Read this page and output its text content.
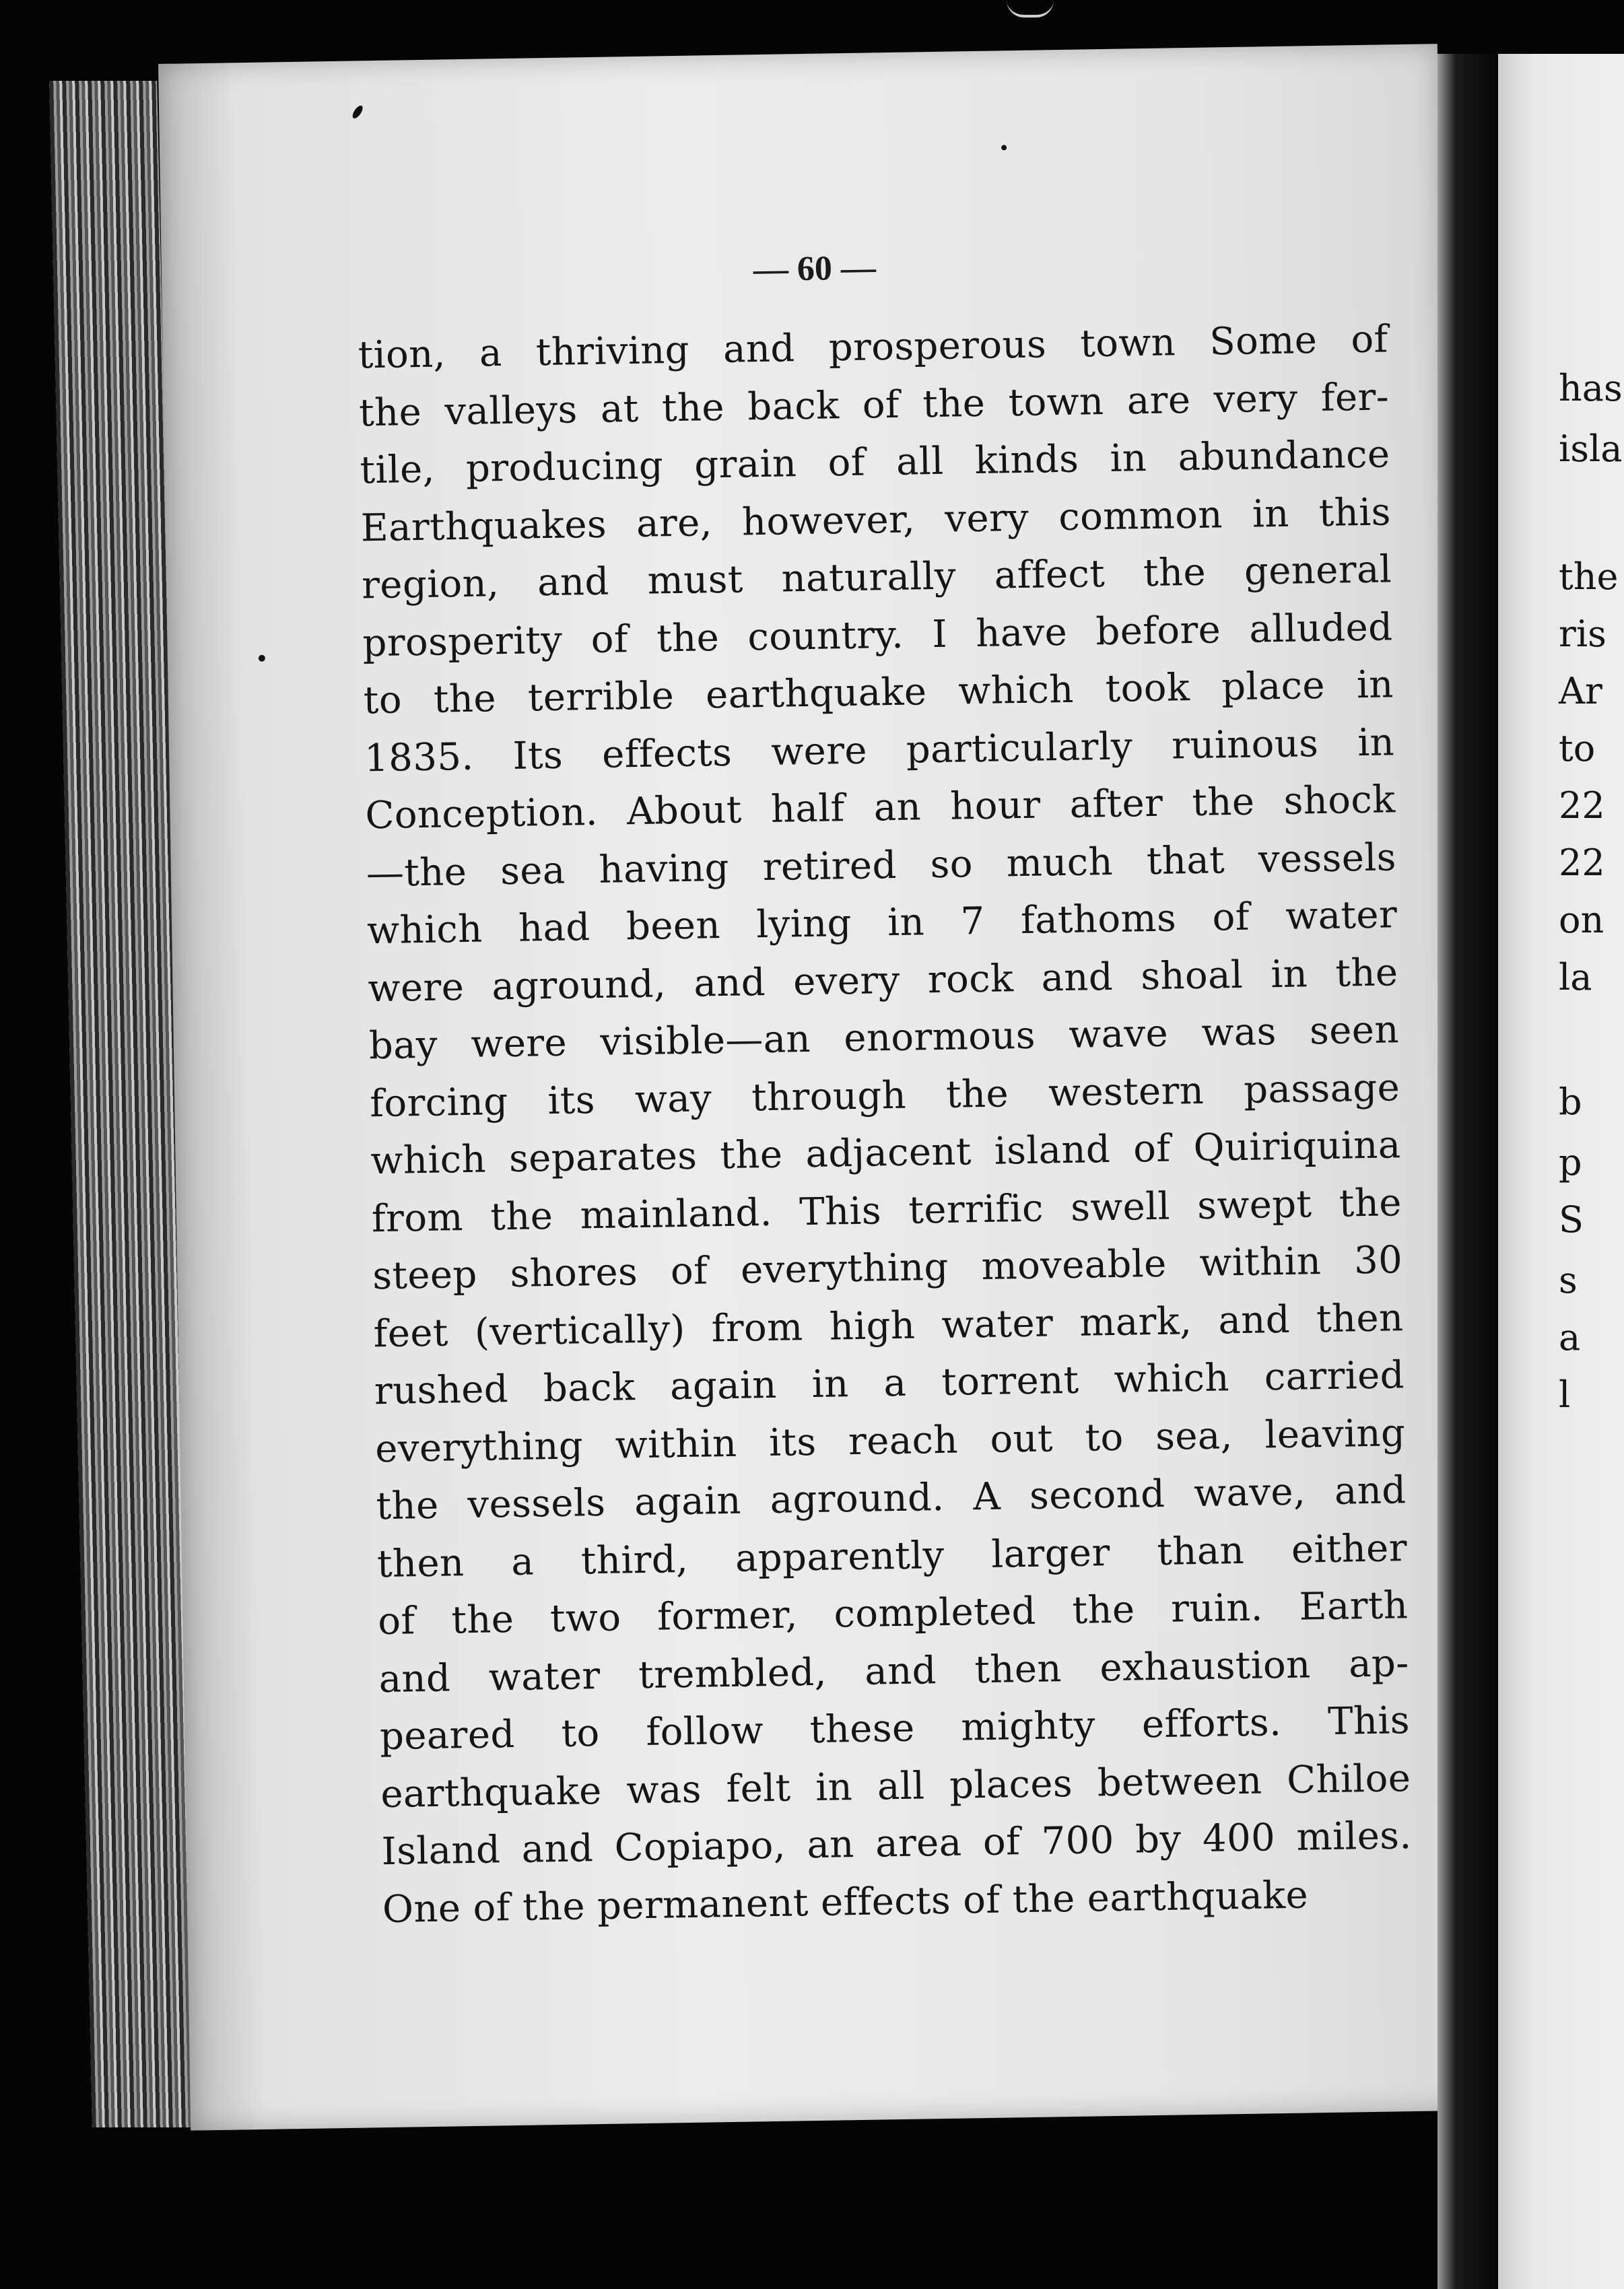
— 60 —
tion, a thriving and prosperous town Some of
the valleys at the back of the town are very fer-
tile, producing grain of all kinds in abundance
Earthquakes are, however, very common in this
region, and must naturally affect the general
prosperity of the country. I have before alluded
to the terrible earthquake which took place in
1835. Its effects were particularly ruinous in
Conception. About half an hour after the shock
—the sea having retired so much that vessels
which had been lying in 7 fathoms of water
were aground, and every rock and shoal in the
bay were visible—an enormous wave was seen
forcing its way through the western passage
which separates the adjacent island of Quiriquina
from the mainland. This terrific swell swept the
steep shores of everything moveable within 30
feet (vertically) from high water mark, and then
rushed back again in a torrent which carried
everything within its reach out to sea, leaving
the vessels again aground. A second wave, and
then a third, apparently larger than either
of the two former, completed the ruin. Earth
and water trembled, and then exhaustion ap-
peared to follow these mighty efforts. This
earthquake was felt in all places between Chiloe
Island and Copiapo, an area of 700 by 400 miles.
One of the permanent effects of the earthquake
has
isla
the
ris
Ar
to
22
22
on
la
b
p
S
s
a
l
